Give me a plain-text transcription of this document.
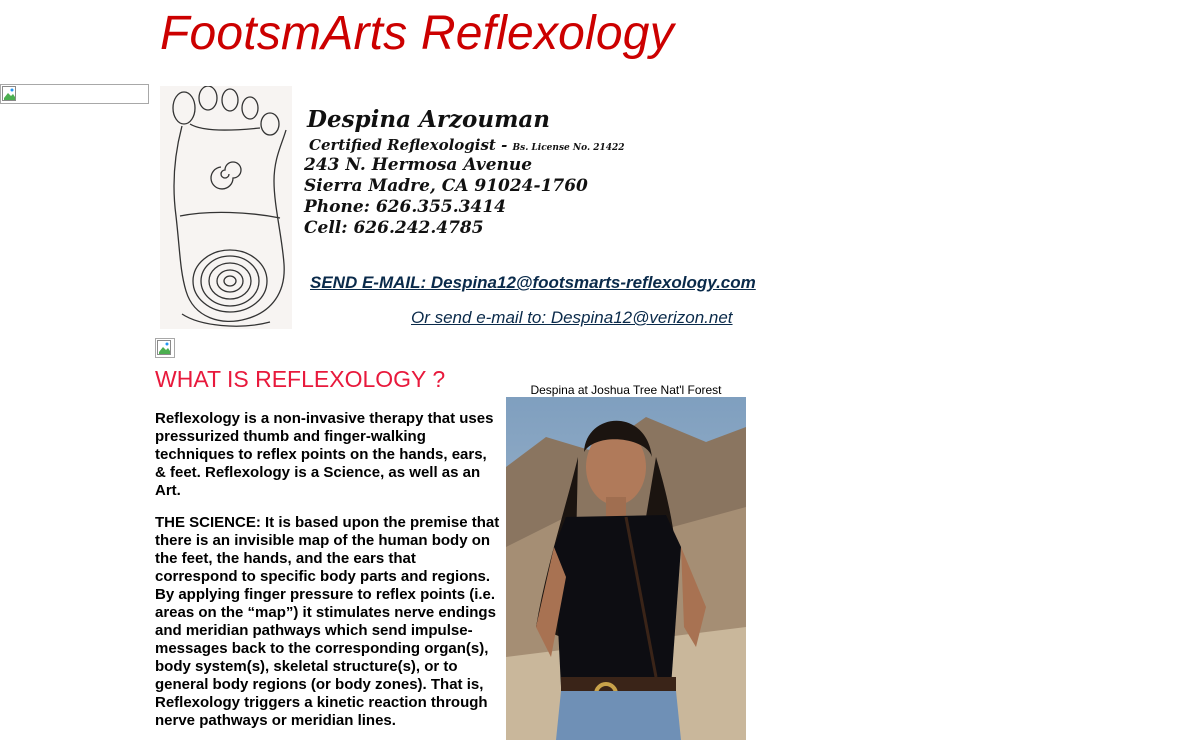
FootsmArts Reflexology
Despina Arzouman
Certified Reflexologist - Bs. License No. 21422
243 N. Hermosa Avenue
Sierra Madre, CA 91024-1760
Phone: 626.355.3414
Cell: 626.242.4785
SEND E-MAIL: Despina12@footsmarts-reflexology.com
Or send e-mail to: Despina12@verizon.net
WHAT IS REFLEXOLOGY ?

Reflexology is a non-invasive therapy that uses pressurized thumb and finger-walking techniques to reflex points on the hands, ears, & feet. Reflexology is a Science, as well as an Art.

THE SCIENCE: It is based upon the premise that there is an invisible map of the human body on the feet, the hands, and the ears that correspond to specific body parts and regions. By applying finger pressure to reflex points (i.e. areas on the “map”) it stimulates nerve endings and meridian pathways which send impulse-messages back to the corresponding organ(s), body system(s), skeletal structure(s), or to general body regions (or body zones). That is, Reflexology triggers a kinetic reaction through nerve pathways or meridian lines.

Despina at Joshua Tree Nat'l Forest
